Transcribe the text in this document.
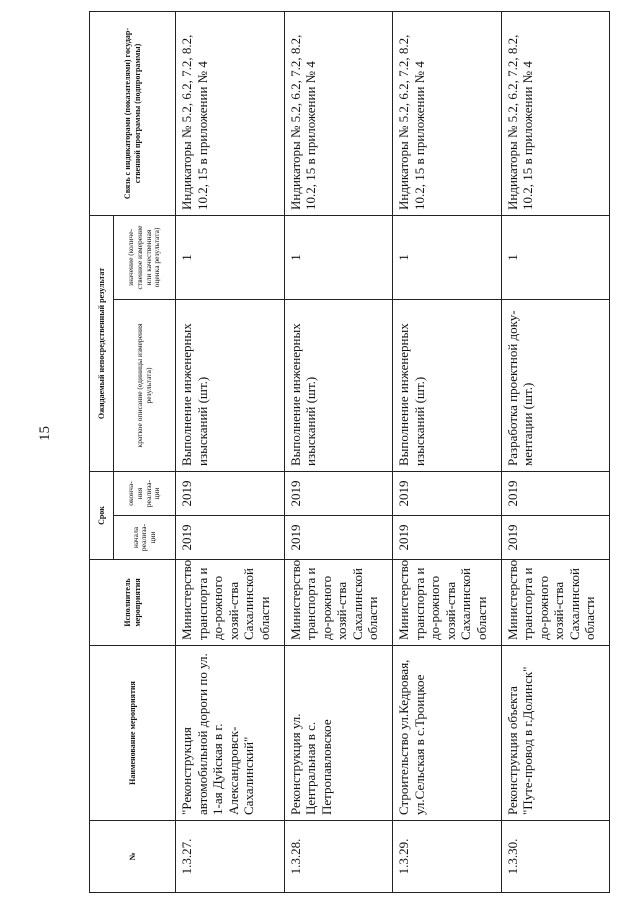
15
№	Наименование мероприятия	Исполнитель мероприятия	Срок		Ожидаемый непосредственный результат		Связь с индикаторами (показателями) государ-ственной программы (подпрограммы)
			начала реализа-ции	оконча-ния реализа-ции	краткое описание (единицы измерения результата)	значение (количе-ственное измерение или качественная оценка результата)	
1.3.27.	"Реконструкция автомобильной дороги по ул. 1-ая Дуйская в г. Александровск-Сахалинский"	Министерство транспорта и до-рожного хозяй-ства Сахалинской области	2019	2019	Выполнение инженерных изысканий (шт.)	1	Индикаторы № 5.2, 6.2, 7.2, 8.2, 10.2, 15 в приложении № 4
1.3.28.	Реконструкция ул. Центральная в с. Петропавловское	Министерство транспорта и до-рожного хозяй-ства Сахалинской области	2019	2019	Выполнение инженерных изысканий (шт.)	1	Индикаторы № 5.2, 6.2, 7.2, 8.2, 10.2, 15 в приложении № 4
1.3.29.	Строительство ул.Кедровая, ул.Сельская в с.Троицкое	Министерство транспорта и до-рожного хозяй-ства Сахалинской области	2019	2019	Выполнение инженерных изысканий (шт.)	1	Индикаторы № 5.2, 6.2, 7.2, 8.2, 10.2, 15 в приложении № 4
1.3.30.	Реконструкция объекта "Путе-провод в г.Долинск"	Министерство транспорта и до-рожного хозяй-ства Сахалинской области	2019	2019	Разработка проектной доку-ментации (шт.)	1	Индикаторы № 5.2, 6.2, 7.2, 8.2, 10.2, 15 в приложении № 4
